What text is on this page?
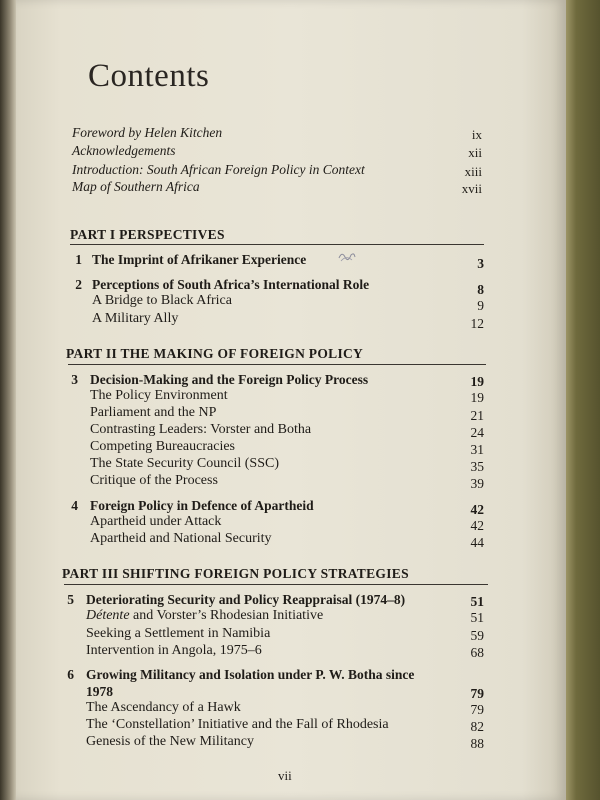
Contents
Foreword by Helen Kitchen	ix
Acknowledgements	xii
Introduction: South African Foreign Policy in Context	xiii
Map of Southern Africa	xvii
PART I PERSPECTIVES
1 The Imprint of Afrikaner Experience	3
2 Perceptions of South Africa’s International Role	8
A Bridge to Black Africa	9
A Military Ally	12
PART II THE MAKING OF FOREIGN POLICY
3 Decision-Making and the Foreign Policy Process	19
The Policy Environment	19
Parliament and the NP	21
Contrasting Leaders: Vorster and Botha	24
Competing Bureaucracies	31
The State Security Council (SSC)	35
Critique of the Process	39
4 Foreign Policy in Defence of Apartheid	42
Apartheid under Attack	42
Apartheid and National Security	44
PART III SHIFTING FOREIGN POLICY STRATEGIES
5 Deteriorating Security and Policy Reappraisal (1974–8)	51
Détente and Vorster’s Rhodesian Initiative	51
Seeking a Settlement in Namibia	59
Intervention in Angola, 1975–6	68
6 Growing Militancy and Isolation under P. W. Botha since
1978	79
The Ascendancy of a Hawk	79
The ‘Constellation’ Initiative and the Fall of Rhodesia	82
Genesis of the New Militancy	88
vii
